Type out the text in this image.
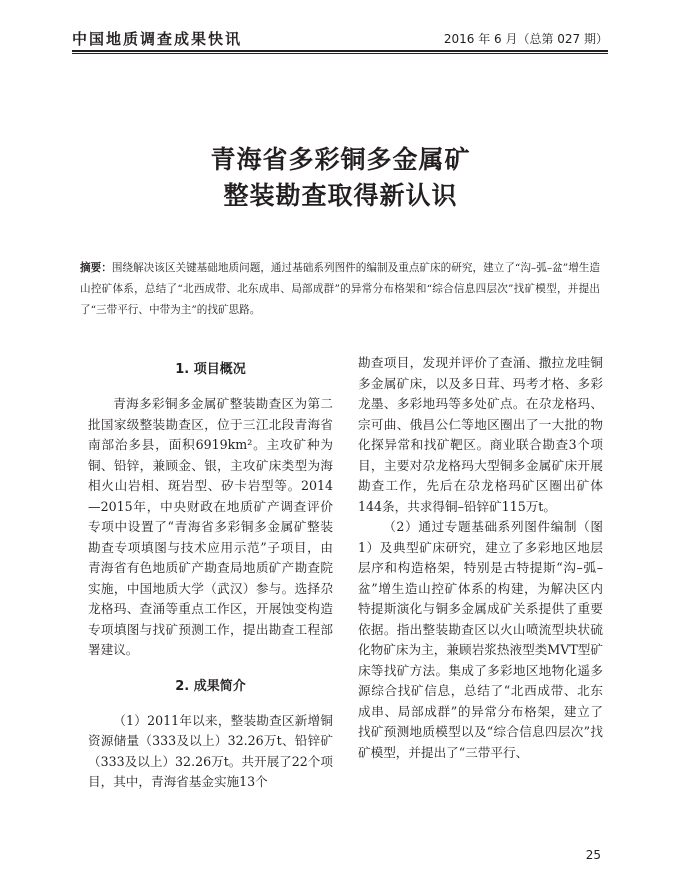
中国地质调查成果快讯	2016 年 6 月（总第 027 期）
青海省多彩铜多金属矿
整装勘查取得新认识
摘要：围绕解决该区关键基础地质问题，通过基础系列图件的编制及重点矿床的研究，建立了“沟–弧–盆”增生造山控矿体系，总结了“北西成带、北东成串、局部成群”的异常分布格架和“综合信息四层次”找矿模型，并提出了“三带平行、中带为主”的找矿思路。
1. 项目概况

青海多彩铜多金属矿整装勘查区为第二批国家级整装勘查区，位于三江北段青海省南部治多县，面积6919km²。主攻矿种为铜、铅锌，兼顾金、银，主攻矿床类型为海相火山岩相、斑岩型、矽卡岩型等。2014—2015年，中央财政在地质矿产调查评价专项中设置了“青海省多彩铜多金属矿整装勘查专项填图与技术应用示范”子项目，由青海省有色地质矿产勘查局地质矿产勘查院实施，中国地质大学（武汉）参与。选择尕龙格玛、查涌等重点工作区，开展蚀变构造专项填图与找矿预测工作，提出勘查工程部署建议。

2. 成果简介

（1）2011年以来，整装勘查区新增铜资源储量（333及以上）32.26万t、铅锌矿（333及以上）32.26万t。共开展了22个项目，其中，青海省基金实施13个

勘查项目，发现并评价了查涌、撒拉龙哇铜多金属矿床，以及多日茸、玛考才格、多彩龙墨、多彩地玛等多处矿点。在尕龙格玛、宗可曲、俄昌公仁等地区圈出了一大批的物化探异常和找矿靶区。商业联合勘查3个项目，主要对尕龙格玛大型铜多金属矿床开展勘查工作，先后在尕龙格玛矿区圈出矿体144条，共求得铜–铅锌矿115万t。

（2）通过专题基础系列图件编制（图1）及典型矿床研究，建立了多彩地区地层层序和构造格架，特别是古特提斯“沟–弧–盆”增生造山控矿体系的构建，为解决区内特提斯演化与铜多金属成矿关系提供了重要依据。指出整装勘查区以火山喷流型块状硫化物矿床为主，兼顾岩浆热液型类MVT型矿床等找矿方法。集成了多彩地区地物化遥多源综合找矿信息，总结了“北西成带、北东成串、局部成群”的异常分布格架，建立了找矿预测地质模型以及“综合信息四层次”找矿模型，并提出了“三带平行、

25
